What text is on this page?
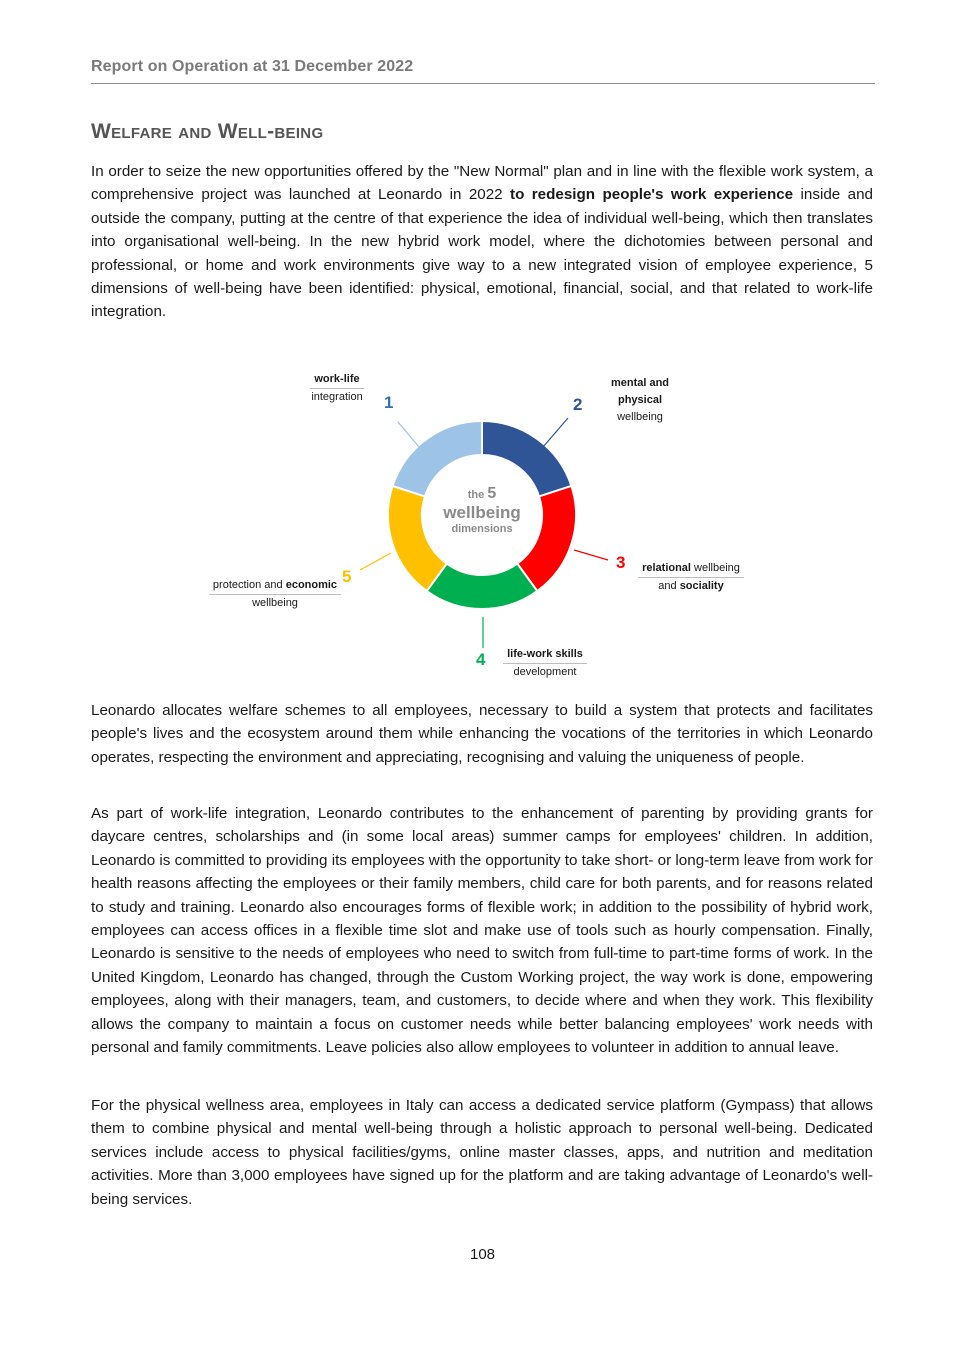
Report on Operation at 31 December 2022
Welfare and Well-being

In order to seize the new opportunities offered by the "New Normal" plan and in line with the flexible work system, a comprehensive project was launched at Leonardo in 2022 to redesign people's work experience inside and outside the company, putting at the centre of that experience the idea of individual well-being, which then translates into organisational well-being. In the new hybrid work model, where the dichotomies between personal and professional, or home and work environments give way to a new integrated vision of employee experience, 5 dimensions of well-being have been identified: physical, emotional, financial, social, and that related to work-life integration.

the 5
wellbeing
dimensions
work-life
integration	1	2
mental and physical
wellbeing
3	relational wellbeing
and sociality
4	life-work skills
development
protection and economic
wellbeing
5

Leonardo allocates welfare schemes to all employees, necessary to build a system that protects and facilitates people's lives and the ecosystem around them while enhancing the vocations of the territories in which Leonardo operates, respecting the environment and appreciating, recognising and valuing the uniqueness of people.

As part of work-life integration, Leonardo contributes to the enhancement of parenting by providing grants for daycare centres, scholarships and (in some local areas) summer camps for employees' children. In addition, Leonardo is committed to providing its employees with the opportunity to take short- or long-term leave from work for health reasons affecting the employees or their family members, child care for both parents, and for reasons related to study and training. Leonardo also encourages forms of flexible work; in addition to the possibility of hybrid work, employees can access offices in a flexible time slot and make use of tools such as hourly compensation. Finally, Leonardo is sensitive to the needs of employees who need to switch from full-time to part-time forms of work. In the United Kingdom, Leonardo has changed, through the Custom Working project, the way work is done, empowering employees, along with their managers, team, and customers, to decide where and when they work. This flexibility allows the company to maintain a focus on customer needs while better balancing employees' work needs with personal and family commitments. Leave policies also allow employees to volunteer in addition to annual leave.

For the physical wellness area, employees in Italy can access a dedicated service platform (Gympass) that allows them to combine physical and mental well-being through a holistic approach to personal well-being. Dedicated services include access to physical facilities/gyms, online master classes, apps, and nutrition and meditation activities. More than 3,000 employees have signed up for the platform and are taking advantage of Leonardo's well-being services.

108
